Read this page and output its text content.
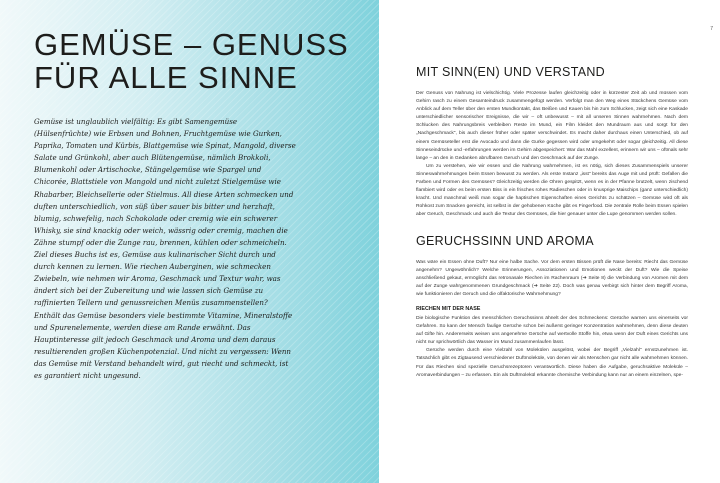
GEMÜSE – GENUSS
FÜR ALLE SINNE

Gemüse ist unglaublich vielfältig: Es gibt Samengemüse (Hülsenfrüchte) wie Erbsen und Bohnen, Fruchtgemüse wie Gurken, Paprika, Tomaten und Kürbis, Blattgemüse wie Spinat, Mangold, diverse Salate und Grünkohl, aber auch Blütengemüse, nämlich Brokkoli, Blumenkohl oder Artischocke, Stängelgemüse wie Spargel und Chicorée, Blattstiele von Mangold und nicht zuletzt Stielgemüse wie Rhabarber, Bleichsellerie oder Stielmus. All diese Arten schmecken und duften unterschiedlich, von süß über sauer bis bitter und herzhaft, blumig, schwefelig, nach Schokolade oder cremig wie ein schwerer Whisky, sie sind knackig oder weich, wässrig oder cremig, machen die Zähne stumpf oder die Zunge rau, brennen, kühlen oder schmeicheln.

Ziel dieses Buchs ist es, Gemüse aus kulinarischer Sicht durch und durch kennen zu lernen. Wie riechen Auberginen, wie schmecken Zwiebeln, wie nehmen wir Aroma, Geschmack und Textur wahr, was ändert sich bei der Zubereitung und wie lassen sich Gemüse zu raffinierten Tellern und genussreichen Menüs zusammenstellen? Enthält das Gemüse besonders viele bestimmte Vitamine, Mineralstoffe und Spurenelemente, werden diese am Rande erwähnt. Das Hauptinteresse gilt jedoch Geschmack und Aroma und dem daraus resultierenden großen Küchenpotenzial. Und nicht zu vergessen: Wenn das Gemüse mit Verstand behandelt wird, gut riecht und schmeckt, ist es garantiert nicht ungesund.

7
MIT SINN(EN) UND VERSTAND

Der Genuss von Nahrung ist vielschichtig. Viele Prozesse laufen gleichzeitig oder in kürzester Zeit ab und müssen vom Gehirn rasch zu einem Gesamteindruck zusammengefügt werden. Verfolgt man den Weg eines Stückchens Gemüse vom Anblick auf dem Teller über den ersten Mundkontakt, das Beißen und Kauen bis hin zum Schlucken, zeigt sich eine Kaskade unterschiedlicher sensorischer Ereignisse, die wir – oft unbewusst – mit all unseren Sinnen wahrnehmen. Nach dem Schlucken des Nahrungsbreis verbleiben Reste im Mund, ein Film kleidet den Mundraum aus und sorgt für den „Nachgeschmack", bis auch dieser früher oder später verschwindet. Es macht daher durchaus einen Unterschied, ob auf einem Gemüseteller erst die Avocado und dann die Gurke gegessen wird oder umgekehrt oder sogar gleichzeitig. All diese Sinneseindrücke und -erfahrungen werden im Gehirn abgespeichert: War das Mahl exzellent, erinnern wir uns – oftmals sehr lange – an den in Gedanken abrufbaren Geruch und den Geschmack auf der Zunge.

Um zu verstehen, wie wir essen und die Nahrung wahrnehmen, ist es nötig, sich dieses Zusammenspiels unserer Sinneswahrnehmungen beim Essen bewusst zu werden. Als erste Instanz „isst" bereits das Auge mit und prüft: Gefallen die Farben und Formen des Gemüses? Gleichzeitig werden die Ohren gespitzt, wenn es in der Pfanne brutzelt, wenn zischend flambiert wird oder es beim ersten Biss in ein frisches rohes Radieschen oder in knusprige Maischips (ganz unterschiedlich) kracht. Und manchmal weiß man sogar die haptischen Eigenschaften eines Gerichts zu schätzen – Gemüse wird oft als Rohkost zum Snacken gereicht, ist selbst in der gehobenen Küche gibt es Fingerfood. Die zentrale Rolle beim Essen spielen aber Geruch, Geschmack und auch die Textur des Gemüses, die hier genauer unter die Lupe genommen werden sollen.

GERUCHSSINN UND AROMA

Was wäre ein Essen ohne Duft? Nur eine halbe Sache. Vor dem ersten Bissen prüft die Nase bereits: Riecht das Gemüse angenehm? Ungewöhnlich? Welche Erinnerungen, Assoziationen und Emotionen weckt der Duft? Wie die Speise anschließend gekaut, ermöglicht das retronasale Riechen im Rachenraum (➔ Seite 8) die Verbindung von Aromen mit dem auf der Zunge wahrgenommenen Grundgeschmack (➔ Seite 22). Doch was genau verbirgt sich hinter dem Begriff Aroma, wie funktionieren der Geruch und die olfaktorische Wahrnehmung?

RIECHEN MIT DER NASE

Die biologische Funktion des menschlichen Geruchssinns ähnelt der des Schmeckens: Gerüche warnen uns einerseits vor Gefahren. So kann der Mensch faulige Gerüche schon bei äußerst geringer Konzentration wahrnehmen, denn diese deuten auf Gifte hin. Andererseits weisen uns angenehme Gerüche auf wertvolle Stoffe hin, etwa wenn der Duft eines Gerichts uns nicht nur sprichwörtlich das Wasser im Mund zusammenlaufen lässt.

Gerüche werden durch eine Vielzahl von Molekülen ausgelöst, wobei der Begriff „Vielzahl" ernstzunehmen ist. Tatsächlich gibt es Zigtausend verschiedener Duftmoleküle, von denen wir als Menschen gar nicht alle wahrnehmen können. Für das Riechen sind spezielle Geruchsrezeptoren verantwortlich. Diese haben die Aufgabe, geruchsaktive Moleküle – Aromaverbindungen – zu erfassen. Ein als Duftmolekül erkannte chemische Verbindung kann nur an einem einzelnen, spe-
